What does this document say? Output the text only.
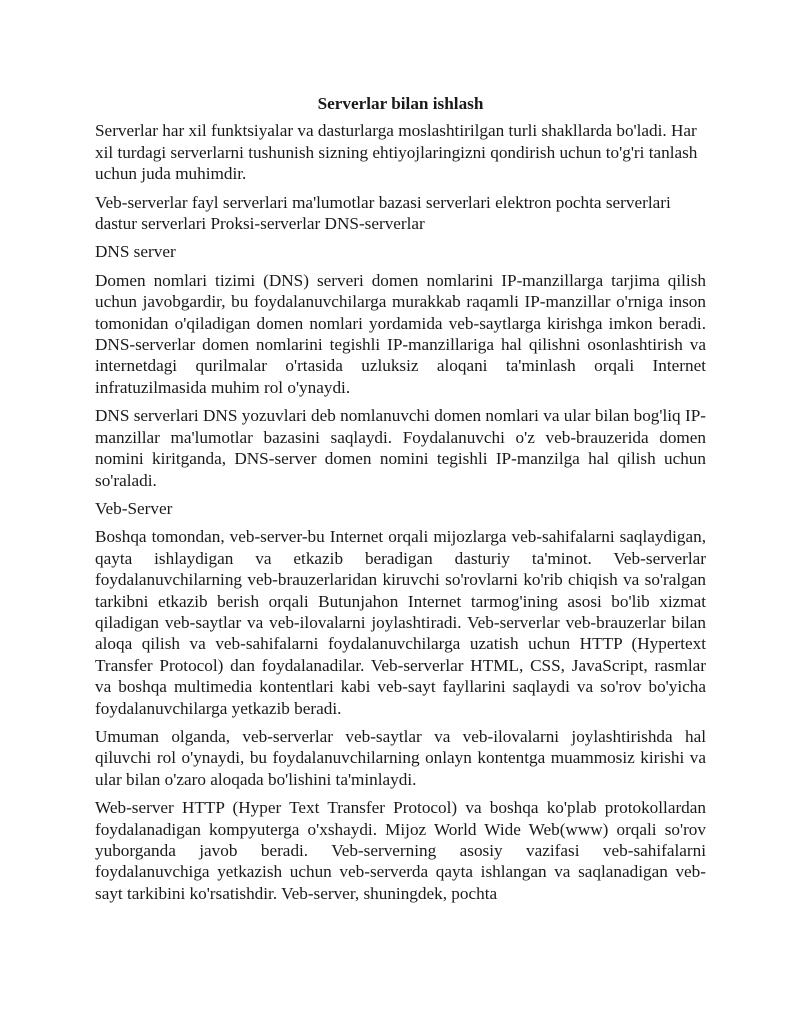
Serverlar bilan ishlash

Serverlar har xil funktsiyalar va dasturlarga moslashtirilgan turli shakllarda bo'ladi. Har xil turdagi serverlarni tushunish sizning ehtiyojlaringizni qondirish uchun to'g'ri tanlash uchun juda muhimdir.

Veb-serverlar fayl serverlari ma'lumotlar bazasi serverlari elektron pochta serverlari dastur serverlari Proksi-serverlar DNS-serverlar

DNS server

Domen nomlari tizimi (DNS) serveri domen nomlarini IP-manzillarga tarjima qilish uchun javobgardir, bu foydalanuvchilarga murakkab raqamli IP-manzillar o'rniga inson tomonidan o'qiladigan domen nomlari yordamida veb-saytlarga kirishga imkon beradi. DNS-serverlar domen nomlarini tegishli IP-manzillariga hal qilishni osonlashtirish va internetdagi qurilmalar o'rtasida uzluksiz aloqani ta'minlash orqali Internet infratuzilmasida muhim rol o'ynaydi.

DNS serverlari DNS yozuvlari deb nomlanuvchi domen nomlari va ular bilan bog'liq IP-manzillar ma'lumotlar bazasini saqlaydi. Foydalanuvchi o'z veb-brauzerida domen nomini kiritganda, DNS-server domen nomini tegishli IP-manzilga hal qilish uchun so'raladi.

Veb-Server

Boshqa tomondan, veb-server-bu Internet orqali mijozlarga veb-sahifalarni saqlaydigan, qayta ishlaydigan va etkazib beradigan dasturiy ta'minot. Veb-serverlar foydalanuvchilarning veb-brauzerlaridan kiruvchi so'rovlarni ko'rib chiqish va so'ralgan tarkibni etkazib berish orqali Butunjahon Internet tarmog'ining asosi bo'lib xizmat qiladigan veb-saytlar va veb-ilovalarni joylashtiradi. Veb-serverlar veb-brauzerlar bilan aloqa qilish va veb-sahifalarni foydalanuvchilarga uzatish uchun HTTP (Hypertext Transfer Protocol) dan foydalanadilar. Veb-serverlar HTML, CSS, JavaScript, rasmlar va boshqa multimedia kontentlari kabi veb-sayt fayllarini saqlaydi va so'rov bo'yicha foydalanuvchilarga yetkazib beradi.

Umuman olganda, veb-serverlar veb-saytlar va veb-ilovalarni joylashtirishda hal qiluvchi rol o'ynaydi, bu foydalanuvchilarning onlayn kontentga muammosiz kirishi va ular bilan o'zaro aloqada bo'lishini ta'minlaydi.

Web-server HTTP (Hyper Text Transfer Protocol) va boshqa ko'plab protokollardan foydalanadigan kompyuterga o'xshaydi. Mijoz World Wide Web(www) orqali so'rov yuborganda javob beradi. Veb-serverning asosiy vazifasi veb-sahifalarni foydalanuvchiga yetkazish uchun veb-serverda qayta ishlangan va saqlanadigan veb-sayt tarkibini ko'rsatishdir. Veb-server, shuningdek, pochta
